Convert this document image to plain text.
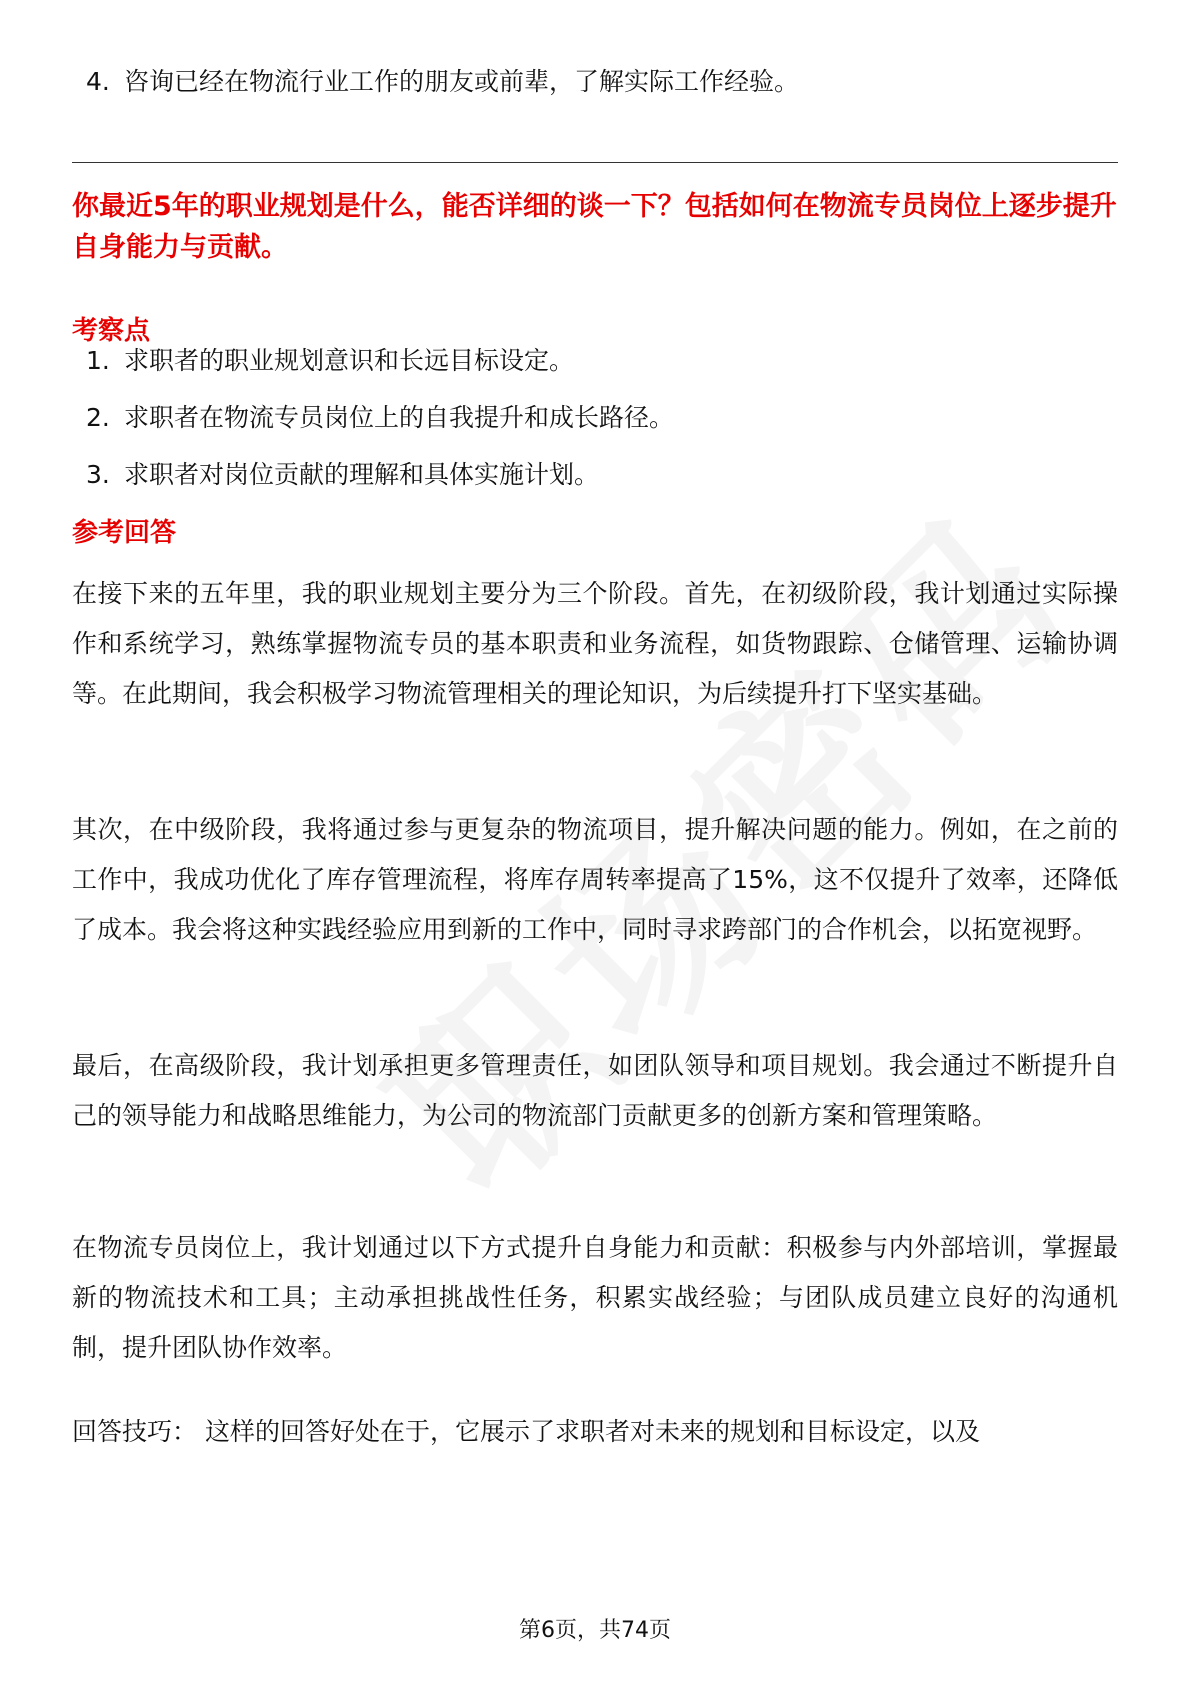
4. 咨询已经在物流行业工作的朋友或前辈，了解实际工作经验。

你最近5年的职业规划是什么，能否详细的谈一下？包括如何在物流专员岗位上逐步提升自身能力与贡献。

考察点

1. 求职者的职业规划意识和长远目标设定。
2. 求职者在物流专员岗位上的自我提升和成长路径。
3. 求职者对岗位贡献的理解和具体实施计划。

参考回答

在接下来的五年里，我的职业规划主要分为三个阶段。首先，在初级阶段，我计划通过实际操作和系统学习，熟练掌握物流专员的基本职责和业务流程，如货物跟踪、仓储管理、运输协调等。在此期间，我会积极学习物流管理相关的理论知识，为后续提升打下坚实基础。

其次，在中级阶段，我将通过参与更复杂的物流项目，提升解决问题的能力。例如，在之前的工作中，我成功优化了库存管理流程，将库存周转率提高了15%，这不仅提升了效率，还降低了成本。我会将这种实践经验应用到新的工作中，同时寻求跨部门的合作机会，以拓宽视野。

最后，在高级阶段，我计划承担更多管理责任，如团队领导和项目规划。我会通过不断提升自己的领导能力和战略思维能力，为公司的物流部门贡献更多的创新方案和管理策略。

在物流专员岗位上，我计划通过以下方式提升自身能力和贡献：积极参与内外部培训，掌握最新的物流技术和工具；主动承担挑战性任务，积累实战经验；与团队成员建立良好的沟通机制，提升团队协作效率。

回答技巧： 这样的回答好处在于，它展示了求职者对未来的规划和目标设定，以及

第6页，共74页
